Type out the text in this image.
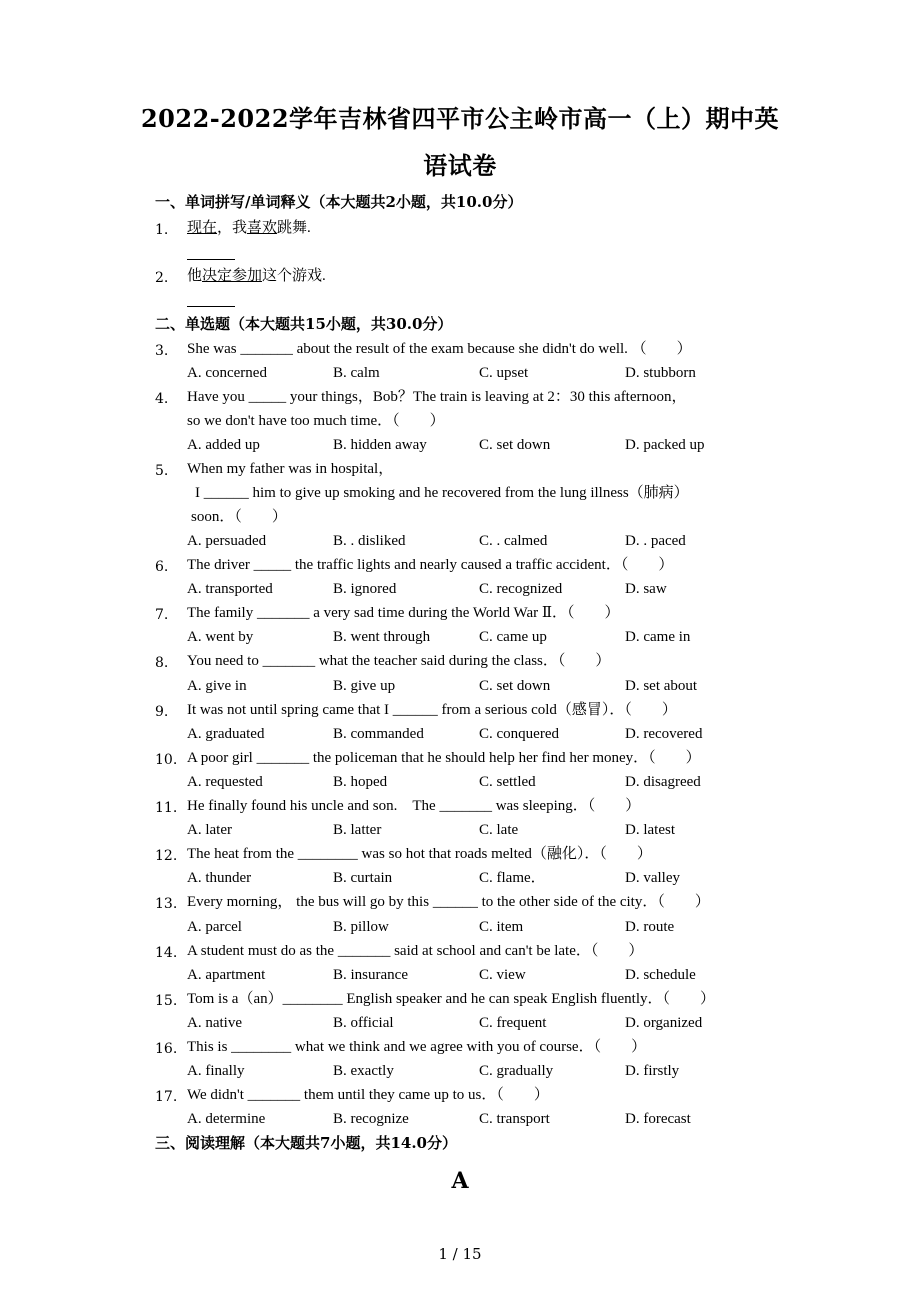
2022-2022学年吉林省四平市公主岭市高一（上）期中英
语试卷
一、单词拼写/单词释义（本大题共2小题，共10.0分）
1.	现在，我喜欢跳舞.
2.	他决定参加这个游戏.
二、单选题（本大题共15小题，共30.0分）
3.	She was _______ about the result of the exam because she didn't do well. （　　）
A. concerned	B. calm	C. upset	D. stubborn
4.	Have you _____ your things，Bob？The train is leaving at 2：30 this afternoon，
so we don't have too much time．（　　）
A. added up	B. hidden away	C. set down	D. packed up
5.	When my father was in hospital，
I ______ him to give up smoking and he recovered from the lung illness（肺病）
soon．（　　）
A. persuaded	B. . disliked	C. . calmed	D. . paced
6.	The driver _____ the traffic lights and nearly caused a traffic accident．（　　）
A. transported	B. ignored	C. recognized	D. saw
7.	The family _______ a very sad time during the World War Ⅱ．（　　）
A. went by	B. went through	C. came up	D. came in
8.	You need to _______ what the teacher said during the class．（　　）
A. give in	B. give up	C. set down	D. set about
9.	It was not until spring came that I ______ from a serious cold（感冒）．（　　）
A. graduated	B. commanded	C. conquered	D. recovered
10. A poor girl _______ the policeman that he should help her find her money．（　　）
A. requested	B. hoped	C. settled	D. disagreed
11. He finally found his uncle and son.　The _______ was sleeping．（　　）
A. later	B. latter	C. late	D. latest
12. The heat from the ________ was so hot that roads melted（融化）．（　　）
A. thunder	B. curtain	C. flame．	D. valley
13. Every morning， the bus will go by this ______ to the other side of the city．（　　）
A. parcel	B. pillow	C. item	D. route
14. A student must do as the _______ said at school and can't be late．（　　）
A. apartment	B. insurance	C. view	D. schedule
15. Tom is a（an）________ English speaker and he can speak English fluently．（　　）
A. native	B. official	C. frequent	D. organized
16. This is ________ what we think and we agree with you of course．（　　）
A. finally	B. exactly	C. gradually	D. firstly
17. We didn't _______ them until they came up to us．（　　）
A. determine	B. recognize	C. transport	D. forecast
三、阅读理解（本大题共7小题，共14.0分）
A
1 / 15
